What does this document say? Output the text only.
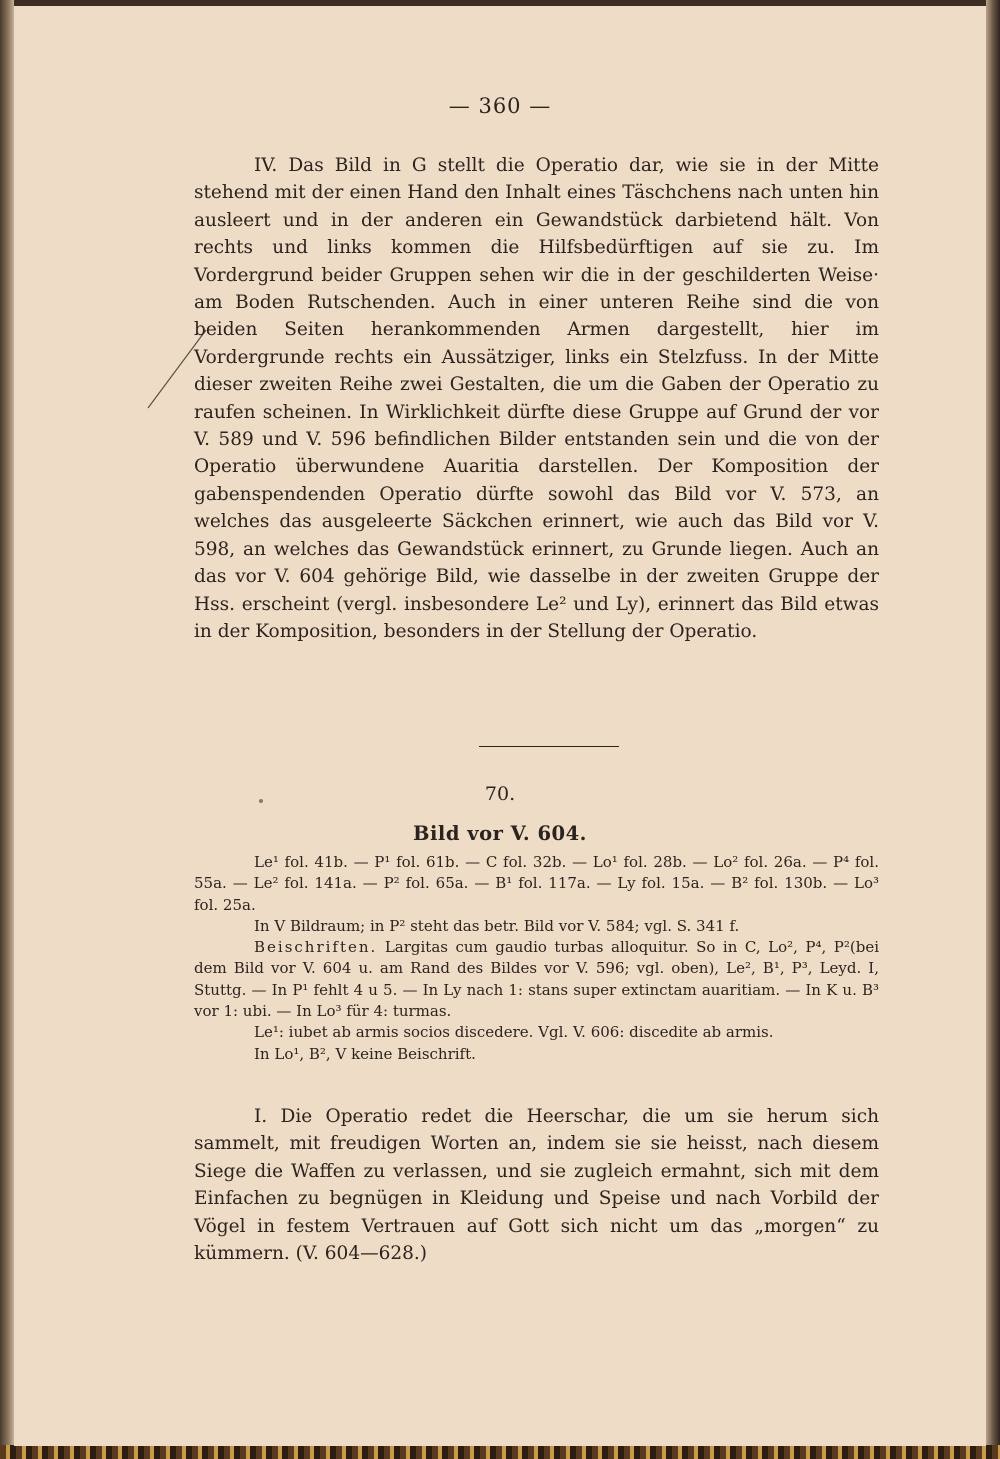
— 360 —

IV. Das Bild in G stellt die Operatio dar, wie sie in der Mitte stehend mit der einen Hand den Inhalt eines Täschchens nach unten hin ausleert und in der anderen ein Gewandstück darbietend hält. Von rechts und links kommen die Hilfsbedürftigen auf sie zu. Im Vordergrund beider Gruppen sehen wir die in der geschilderten Weise· am Boden Rutschenden. Auch in einer unteren Reihe sind die von beiden Seiten herankommenden Armen dargestellt, hier im Vordergrunde rechts ein Aussätziger, links ein Stelzfuss. In der Mitte dieser zweiten Reihe zwei Gestalten, die um die Gaben der Operatio zu raufen scheinen. In Wirklichkeit dürfte diese Gruppe auf Grund der vor V. 589 und V. 596 befindlichen Bilder entstanden sein und die von der Operatio überwundene Auaritia darstellen. Der Komposition der gabenspendenden Operatio dürfte sowohl das Bild vor V. 573, an welches das ausgeleerte Säckchen erinnert, wie auch das Bild vor V. 598, an welches das Gewandstück erinnert, zu Grunde liegen. Auch an das vor V. 604 gehörige Bild, wie dasselbe in der zweiten Gruppe der Hss. erscheint (vergl. insbesondere Le² und Ly), erinnert das Bild etwas in der Komposition, besonders in der Stellung der Operatio.

70.
Bild vor V. 604.

Le¹ fol. 41b. — P¹ fol. 61b. — C fol. 32b. — Lo¹ fol. 28b. — Lo² fol. 26a. — P⁴ fol. 55a. — Le² fol. 141a. — P² fol. 65a. — B¹ fol. 117a. — Ly fol. 15a. — B² fol. 130b. — Lo³ fol. 25a.

In V Bildraum; in P² steht das betr. Bild vor V. 584; vgl. S. 341 f.

Beischriften. Largitas cum gaudio turbas alloquitur. So in C, Lo², P⁴, P²(bei dem Bild vor V. 604 u. am Rand des Bildes vor V. 596; vgl. oben), Le², B¹, P³, Leyd. I, Stuttg. — In P¹ fehlt 4 u 5. — In Ly nach 1: stans super extinctam auaritiam. — In K u. B³ vor 1: ubi. — In Lo³ für 4: turmas.

Le¹: iubet ab armis socios discedere. Vgl. V. 606: discedite ab armis.

In Lo¹, B², V keine Beischrift.

I. Die Operatio redet die Heerschar, die um sie herum sich sammelt, mit freudigen Worten an, indem sie sie heisst, nach diesem Siege die Waffen zu verlassen, und sie zugleich ermahnt, sich mit dem Einfachen zu begnügen in Kleidung und Speise und nach Vorbild der Vögel in festem Vertrauen auf Gott sich nicht um das „morgen“ zu kümmern. (V. 604—628.)
